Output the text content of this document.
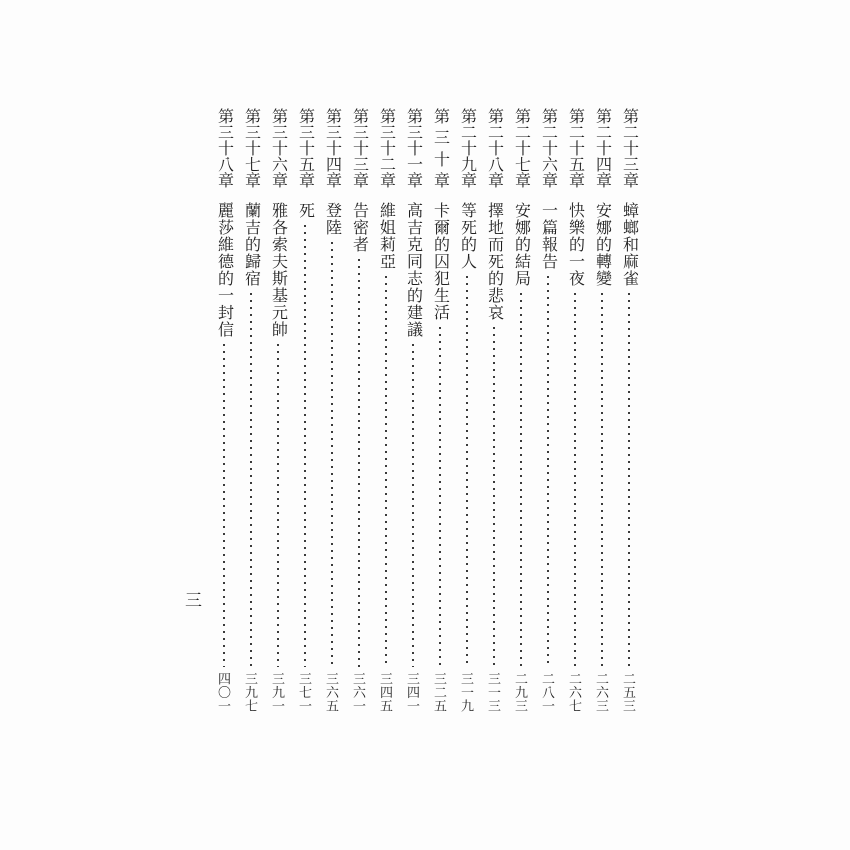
第
二
十
三
章
蟑螂和麻雀
二五三
第
二
十
四
章
安娜的轉變
二六三
第
二
十
五
章
快樂的一夜
二六七
第
二
十
六
章
一篇報告
二八一
第
二
十
七
章
安娜的結局
二九三
第
二
十
八
章
擇地而死的悲哀
三一三
第
二
十
九
章
等死的人
三一九
第
三
十
章
卡爾的囚犯生活
三二五
第
三
十
一
章
高吉克同志的建議
三四一
第
三
十
二
章
維姐莉亞
三四五
第
三
十
三
章
告密者
三六一
第
三
十
四
章
登陸
三六五
第
三
十
五
章
死
三七一
第
三
十
六
章
雅各索夫斯基元帥
三九一
第
三
十
七
章
蘭吉的歸宿
三九七
第
三
十
八
章
麗莎維德的一封信
四〇一
三
